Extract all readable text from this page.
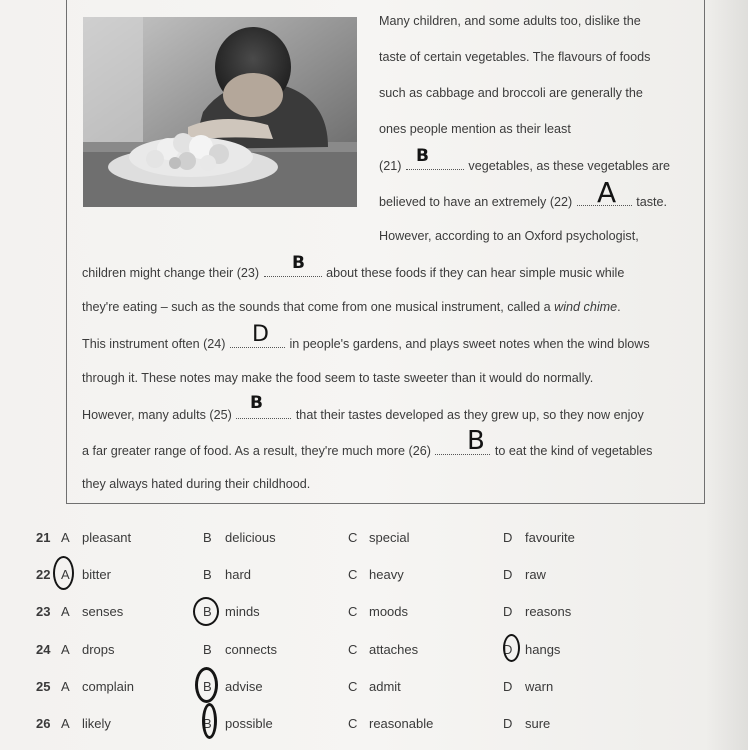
Many children, and some adults too, dislike the
taste of certain vegetables. The flavours of foods
such as cabbage and broccoli are generally the
ones people mention as their least
(21)	vegetables, as these vegetables are
believed to have an extremely (22)	taste.
However, according to an Oxford psychologist,
children might change their (23)	about these foods if they can hear simple music while
they're eating – such as the sounds that come from one musical instrument, called a wind chime.
This instrument often (24)	in people's gardens, and plays sweet notes when the wind blows
through it. These notes may make the food seem to taste sweeter than it would do normally.
However, many adults (25)	that their tastes developed as they grew up, so they now enjoy
a far greater range of food. As a result, they're much more (26)	to eat the kind of vegetables
they always hated during their childhood.
B
A
B
D
B
B
21 A pleasant	B delicious	C special	D favourite
22 A bitter	B hard	C heavy	D raw
23 A senses	B minds	C moods	D reasons
24 A drops	B connects	C attaches	D hangs
25 A complain	B advise	C admit	D warn
26 A likely	B possible	C reasonable	D sure
